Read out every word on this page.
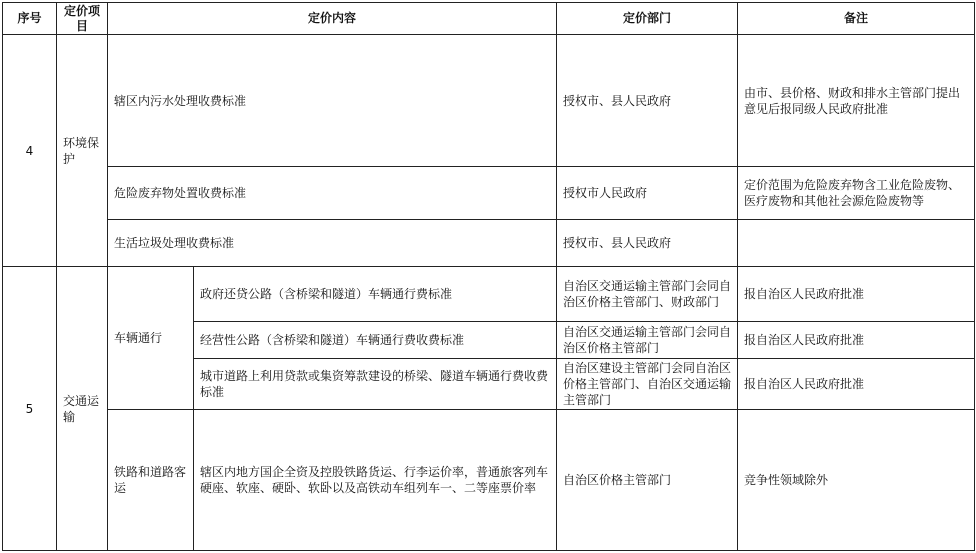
序号	定价项目	定价内容		定价部门	备注
4	环境保护	辖区内污水处理收费标准		授权市、县人民政府	由市、县价格、财政和排水主管部门提出意见后报同级人民政府批准
		危险废弃物处置收费标准		授权市人民政府	定价范围为危险废弃物含工业危险废物、医疗废物和其他社会源危险废物等
		生活垃圾处理收费标准		授权市、县人民政府	
5	交通运输	车辆通行	政府还贷公路（含桥梁和隧道）车辆通行费标准	自治区交通运输主管部门会同自治区价格主管部门、财政部门	报自治区人民政府批准
			经营性公路（含桥梁和隧道）车辆通行费收费标准	自治区交通运输主管部门会同自治区价格主管部门	报自治区人民政府批准
			城市道路上利用贷款或集资筹款建设的桥梁、隧道车辆通行费收费标准	自治区建设主管部门会同自治区价格主管部门、自治区交通运输主管部门	报自治区人民政府批准
		铁路和道路客运	辖区内地方国企全资及控股铁路货运、行李运价率，普通旅客列车硬座、软座、硬卧、软卧以及高铁动车组列车一、二等座票价率	自治区价格主管部门	竞争性领域除外
